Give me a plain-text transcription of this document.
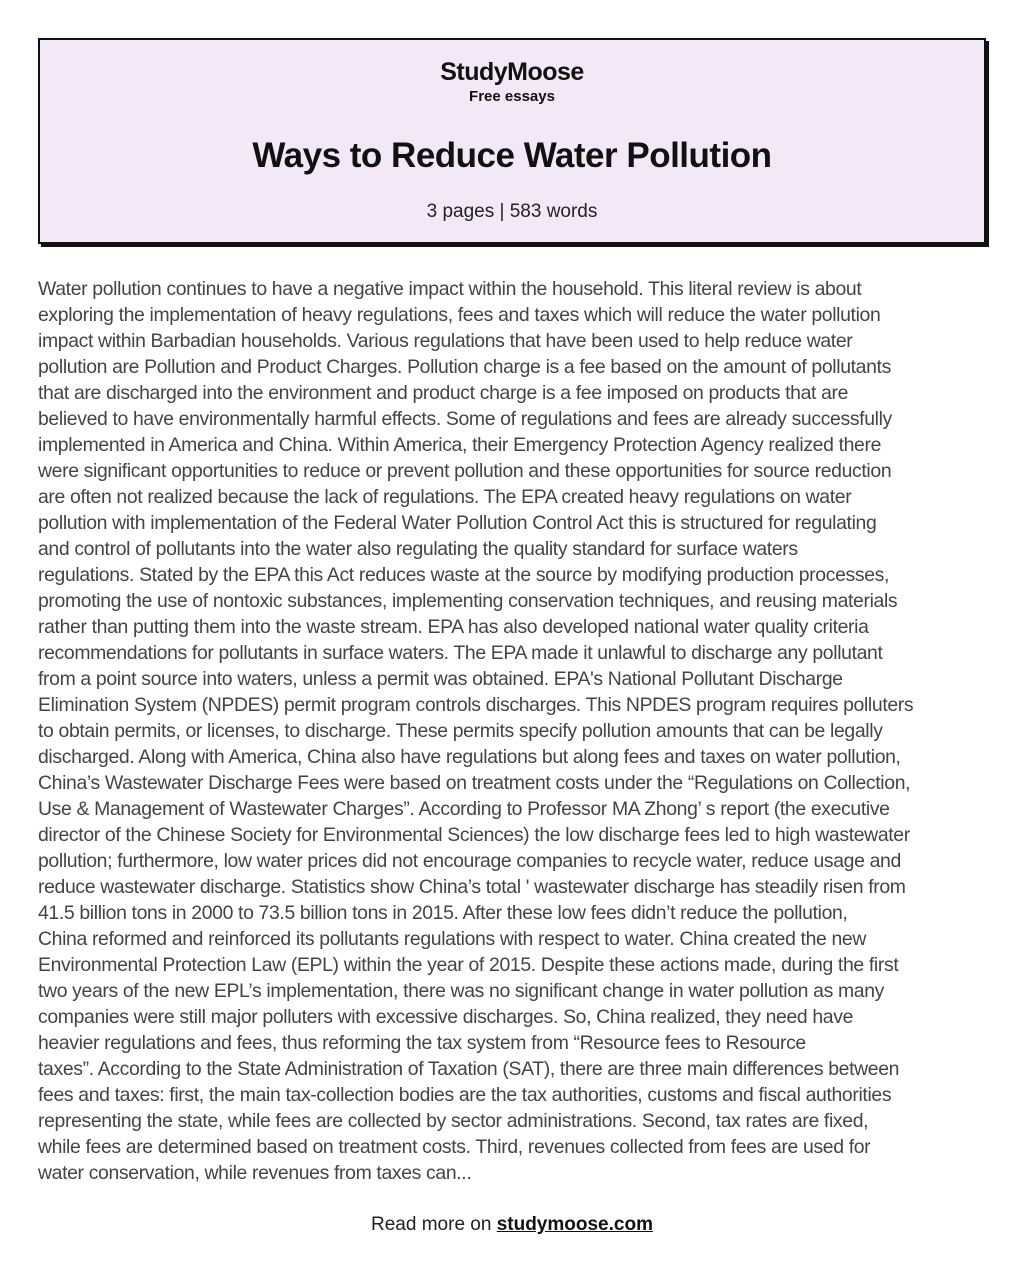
StudyMoose
Free essays
Ways to Reduce Water Pollution
3 pages | 583 words
Water pollution continues to have a negative impact within the household. This literal review is about
exploring the implementation of heavy regulations, fees and taxes which will reduce the water pollution
impact within Barbadian households. Various regulations that have been used to help reduce water
pollution are Pollution and Product Charges. Pollution charge is a fee based on the amount of pollutants
that are discharged into the environment and product charge is a fee imposed on products that are
believed to have environmentally harmful effects. Some of regulations and fees are already successfully
implemented in America and China. Within America, their Emergency Protection Agency realized there
were significant opportunities to reduce or prevent pollution and these opportunities for source reduction
are often not realized because the lack of regulations. The EPA created heavy regulations on water
pollution with implementation of the Federal Water Pollution Control Act this is structured for regulating
and control of pollutants into the water also regulating the quality standard for surface waters
regulations. Stated by the EPA this Act reduces waste at the source by modifying production processes,
promoting the use of nontoxic substances, implementing conservation techniques, and reusing materials
rather than putting them into the waste stream. EPA has also developed national water quality criteria
recommendations for pollutants in surface waters. The EPA made it unlawful to discharge any pollutant
from a point source into waters, unless a permit was obtained. EPA's National Pollutant Discharge
Elimination System (NPDES) permit program controls discharges. This NPDES program requires polluters
to obtain permits, or licenses, to discharge. These permits specify pollution amounts that can be legally
discharged. Along with America, China also have regulations but along fees and taxes on water pollution,
China’s Wastewater Discharge Fees were based on treatment costs under the “Regulations on Collection,
Use & Management of Wastewater Charges”. According to Professor MA Zhong’ s report (the executive
director of the Chinese Society for Environmental Sciences) the low discharge fees led to high wastewater
pollution; furthermore, low water prices did not encourage companies to recycle water, reduce usage and
reduce wastewater discharge. Statistics show China’s total ' wastewater discharge has steadily risen from
41.5 billion tons in 2000 to 73.5 billion tons in 2015. After these low fees didn’t reduce the pollution,
China reformed and reinforced its pollutants regulations with respect to water. China created the new
Environmental Protection Law (EPL) within the year of 2015. Despite these actions made, during the first
two years of the new EPL’s implementation, there was no significant change in water pollution as many
companies were still major polluters with excessive discharges. So, China realized, they need have
heavier regulations and fees, thus reforming the tax system from “Resource fees to Resource
taxes”. According to the State Administration of Taxation (SAT), there are three main differences between
fees and taxes: first, the main tax-collection bodies are the tax authorities, customs and fiscal authorities
representing the state, while fees are collected by sector administrations. Second, tax rates are fixed,
while fees are determined based on treatment costs. Third, revenues collected from fees are used for
water conservation, while revenues from taxes can...
Read more on studymoose.com
